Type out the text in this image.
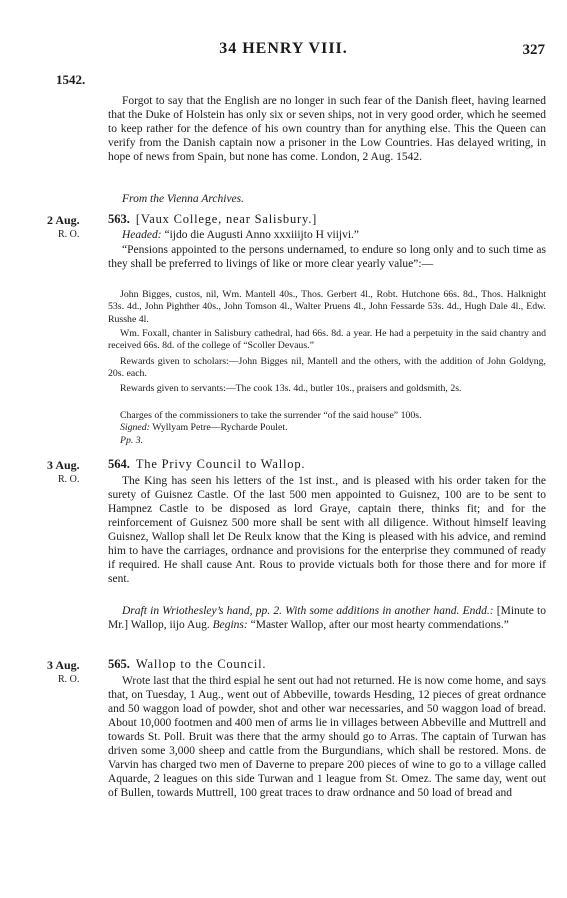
34 HENRY VIII.	327
1542.

Forgot to say that the English are no longer in such fear of the Danish fleet, having learned that the Duke of Holstein has only six or seven ships, not in very good order, which he seemed to keep rather for the defence of his own country than for anything else. This the Queen can verify from the Danish captain now a prisoner in the Low Countries. Has delayed writing, in hope of news from Spain, but none has come. London, 2 Aug. 1542.

From the Vienna Archives.

2 Aug.
R. O.
563. [Vaux College, near Salisbury.]

Headed: “ijdo die Augusti Anno xxxiiijto H viijvi.”

“Pensions appointed to the persons undernamed, to endure so long only and to such time as they shall be preferred to livings of like or more clear yearly value”:—

John Bigges, custos, nil, Wm. Mantell 40s., Thos. Gerbert 4l., Robt. Hutchone 66s. 8d., Thos. Halknight 53s. 4d., John Pighther 40s., John Tomson 4l., Walter Pruens 4l., John Fessarde 53s. 4d., Hugh Dale 4l., Edw. Russhe 4l.

Wm. Foxall, chanter in Salisbury cathedral, had 66s. 8d. a year. He had a perpetuity in the said chantry and received 66s. 8d. of the college of “Scoller Devaus.”

Rewards given to scholars:—John Bigges nil, Mantell and the others, with the addition of John Goldyng, 20s. each.

Rewards given to servants:—The cook 13s. 4d., butler 10s., praisers and goldsmith, 2s.

Charges of the commissioners to take the surrender “of the said house” 100s.

Signed: Wyllyam Petre—Rycharde Poulet.

Pp. 3.

3 Aug.
R. O.
564. The Privy Council to Wallop.

The King has seen his letters of the 1st inst., and is pleased with his order taken for the surety of Guisnez Castle. Of the last 500 men appointed to Guisnez, 100 are to be sent to Hampnez Castle to be disposed as lord Graye, captain there, thinks fit; and for the reinforcement of Guisnez 500 more shall be sent with all diligence. Without himself leaving Guisnez, Wallop shall let De Reulx know that the King is pleased with his advice, and remind him to have the carriages, ordnance and provisions for the enterprise they communed of ready if required. He shall cause Ant. Rous to provide victuals both for those there and for more if sent.

Draft in Wriothesley’s hand, pp. 2. With some additions in another hand. Endd.: [Minute to Mr.] Wallop, iijo Aug. Begins: “Master Wallop, after our most hearty commendations.”

3 Aug.
R. O.
565. Wallop to the Council.

Wrote last that the third espial he sent out had not returned. He is now come home, and says that, on Tuesday, 1 Aug., went out of Abbeville, towards Hesding, 12 pieces of great ordnance and 50 waggon load of powder, shot and other war necessaries, and 50 waggon load of bread. About 10,000 footmen and 400 men of arms lie in villages between Abbeville and Muttrell and towards St. Poll. Bruit was there that the army should go to Arras. The captain of Turwan has driven some 3,000 sheep and cattle from the Burgundians, which shall be restored. Mons. de Varvin has charged two men of Daverne to prepare 200 pieces of wine to go to a village called Aquarde, 2 leagues on this side Turwan and 1 league from St. Omez. The same day, went out of Bullen, towards Muttrell, 100 great traces to draw ordnance and 50 load of bread and
